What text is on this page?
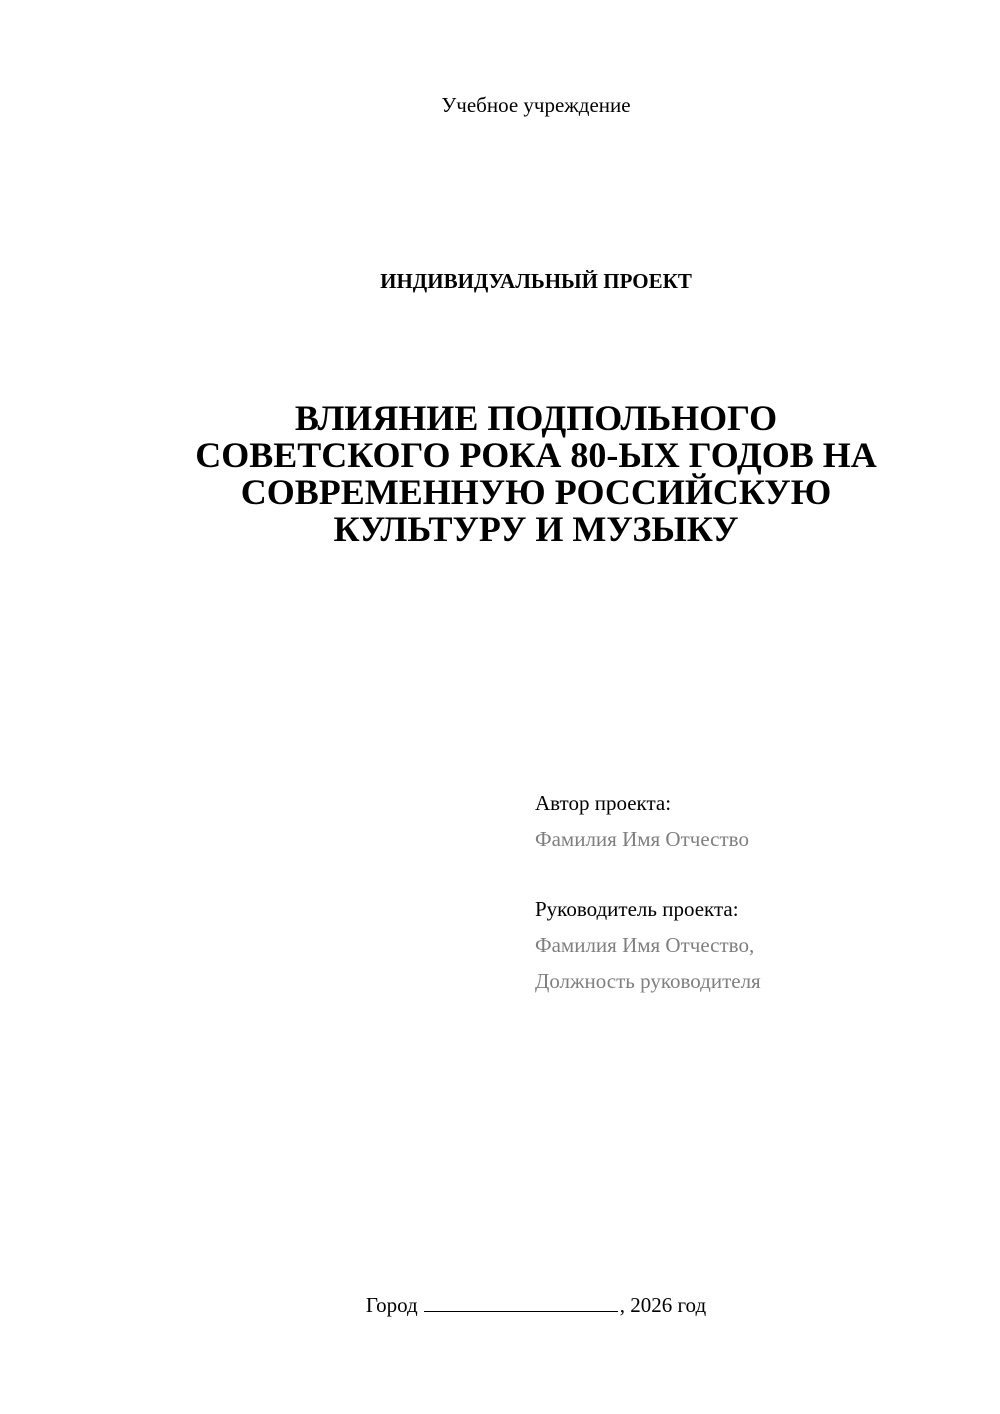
Учебное учреждение
ИНДИВИДУАЛЬНЫЙ ПРОЕКТ
ВЛИЯНИЕ ПОДПОЛЬНОГО
СОВЕТСКОГО РОКА 80-ЫХ ГОДОВ НА
СОВРЕМЕННУЮ РОССИЙСКУЮ
КУЛЬТУРУ И МУЗЫКУ
Автор проекта:
Фамилия Имя Отчество
Руководитель проекта:
Фамилия Имя Отчество,
Должность руководителя
Город	, 2026 год
